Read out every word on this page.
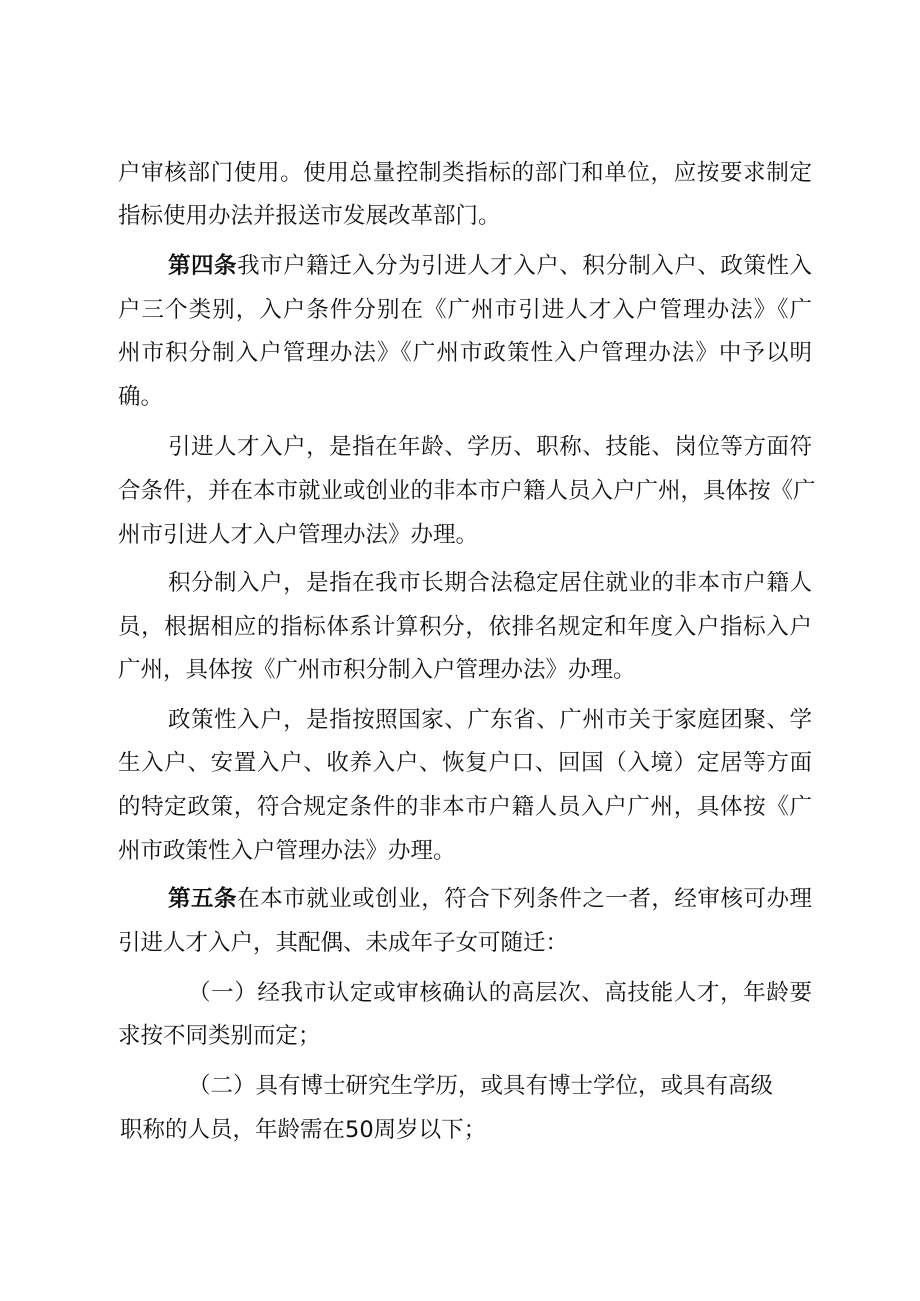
户审核部门使用。使用总量控制类指标的部门和单位，应按要求制定
指标使用办法并报送市发展改革部门。
第四条我市户籍迁入分为引进人才入户、积分制入户、政策性入
户三个类别，入户条件分别在《广州市引进人才入户管理办法》《广
州市积分制入户管理办法》《广州市政策性入户管理办法》中予以明
确。
引进人才入户，是指在年龄、学历、职称、技能、岗位等方面符
合条件，并在本市就业或创业的非本市户籍人员入户广州，具体按《广
州市引进人才入户管理办法》办理。
积分制入户，是指在我市长期合法稳定居住就业的非本市户籍人
员，根据相应的指标体系计算积分，依排名规定和年度入户指标入户
广州，具体按《广州市积分制入户管理办法》办理。
政策性入户，是指按照国家、广东省、广州市关于家庭团聚、学
生入户、安置入户、收养入户、恢复户口、回国（入境）定居等方面
的特定政策，符合规定条件的非本市户籍人员入户广州，具体按《广
州市政策性入户管理办法》办理。
第五条在本市就业或创业，符合下列条件之一者，经审核可办理
引进人才入户，其配偶、未成年子女可随迁：
（一）经我市认定或审核确认的高层次、高技能人才，年龄要
求按不同类别而定；
（二）具有博士研究生学历，或具有博士学位，或具有高级
职称的人员，年龄需在50周岁以下；
